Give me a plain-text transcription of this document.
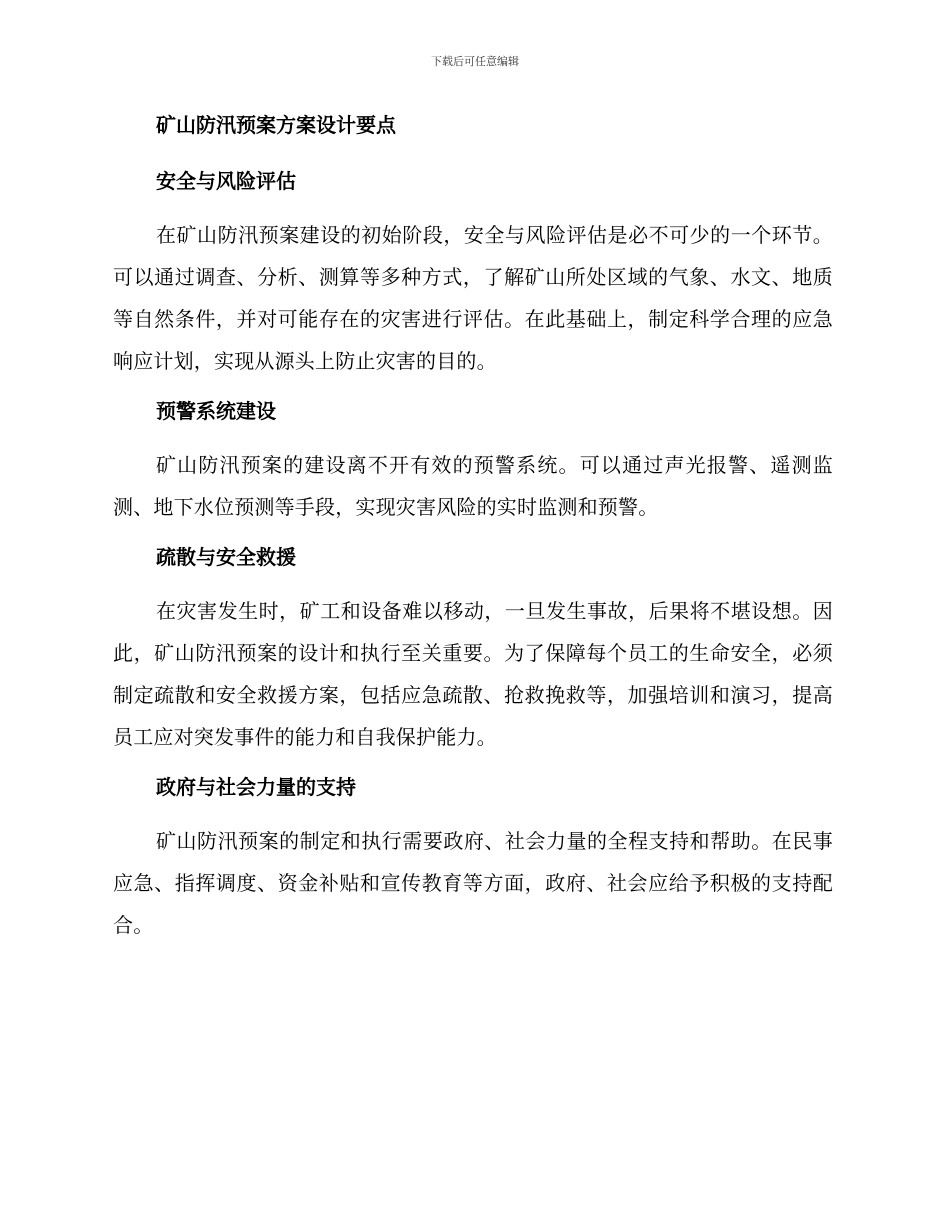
下载后可任意编辑
矿山防汛预案方案设计要点
安全与风险评估

在矿山防汛预案建设的初始阶段，安全与风险评估是必不可少的一个环节。可以通过调查、分析、测算等多种方式，了解矿山所处区域的气象、水文、地质等自然条件，并对可能存在的灾害进行评估。在此基础上，制定科学合理的应急响应计划，实现从源头上防止灾害的目的。

预警系统建设

矿山防汛预案的建设离不开有效的预警系统。可以通过声光报警、遥测监测、地下水位预测等手段，实现灾害风险的实时监测和预警。

疏散与安全救援

在灾害发生时，矿工和设备难以移动，一旦发生事故，后果将不堪设想。因此，矿山防汛预案的设计和执行至关重要。为了保障每个员工的生命安全，必须制定疏散和安全救援方案，包括应急疏散、抢救挽救等，加强培训和演习，提高员工应对突发事件的能力和自我保护能力。

政府与社会力量的支持

矿山防汛预案的制定和执行需要政府、社会力量的全程支持和帮助。在民事应急、指挥调度、资金补贴和宣传教育等方面，政府、社会应给予积极的支持配合。
